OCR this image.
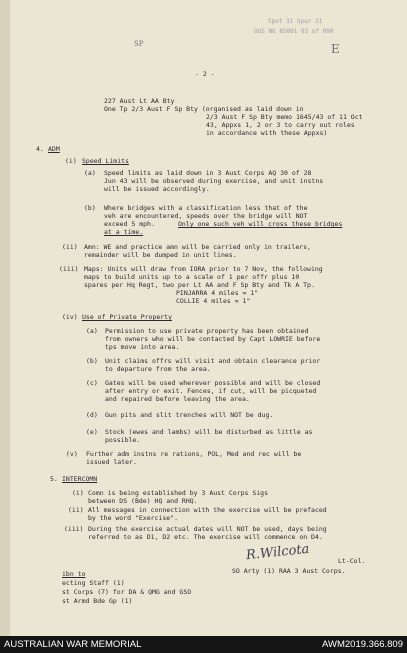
Spot 31 Spur 31
OGS NO 85001 03 of 090
SP	E
- 2 -
227 Aust Lt AA Bty
One Tp 2/3 Aust F Sp Bty (organised as laid down in
2/3 Aust F Sp Bty memo 1645/43 of 11 Oct
43, Appxs 1, 2 or 3 to carry out roles
in accordance with these Appxs)
4. ADM
(i) Speed Limits
(a) Speed limits as laid down in 3 Aust Corps AQ 30 of 28
Jun 43 will be observed during exercise, and unit instns
will be issued accordingly.
(b) Where bridges with a classification less that of the
veh are encountered, speeds over the bridge will NOT
exceed 5 mph.	Only one such veh will cross these bridges
at a time.
(ii) Amn: WE and practice amn will be carried only in trailers,
remainder will be dumped in unit lines.
(iii) Maps: Units will draw from IORA prior to 7 Nov, the following
maps to build units up to a scale of 1 per offr plus 10
spares per Hq Regt, two per Lt AA and F Sp Bty and Tk A Tp.
PINJARRA 4 miles = 1"
COLLIE 4 miles = 1"
(iv) Use of Private Property
(a) Permission to use private property has been obtained
from owners who will be contacted by Capt LOWRIE before
tps move into area.
(b) Unit claims offrs will visit and obtain clearance prior
to departure from the area.
(c) Gates will be used wherever possible and will be closed
after entry or exit. Fences, if cut, will be picqueted
and repaired before leaving the area.
(d) Gun pits and slit trenches will NOT be dug.
(e) Stock (ewes and lambs) will be disturbed as little as
possible.
(v) Further adm instns re rations, POL, Med and rec will be
issued later.
5. INTERCOMN
(i) Comn is being established by 3 Aust Corps Sigs
between DS (Bde) HQ and RHQ.
(ii) All messages in connection with the exercise will be prefaced
by the word "Exercise".
(iii) During the exercise actual dates will NOT be used, days being
referred to as D1, D2 etc. The exercise will commence on D4.
R.Wilcota	Lt-Col.
SO Arty (1) RAA 3 Aust Corps.
ibn to
ecting Staff (1)
st Corps (7) for DA & QMG and GSO
st Armd Bde Gp (1)
AUSTRALIAN WAR MEMORIAL	AWM2019.366.809
